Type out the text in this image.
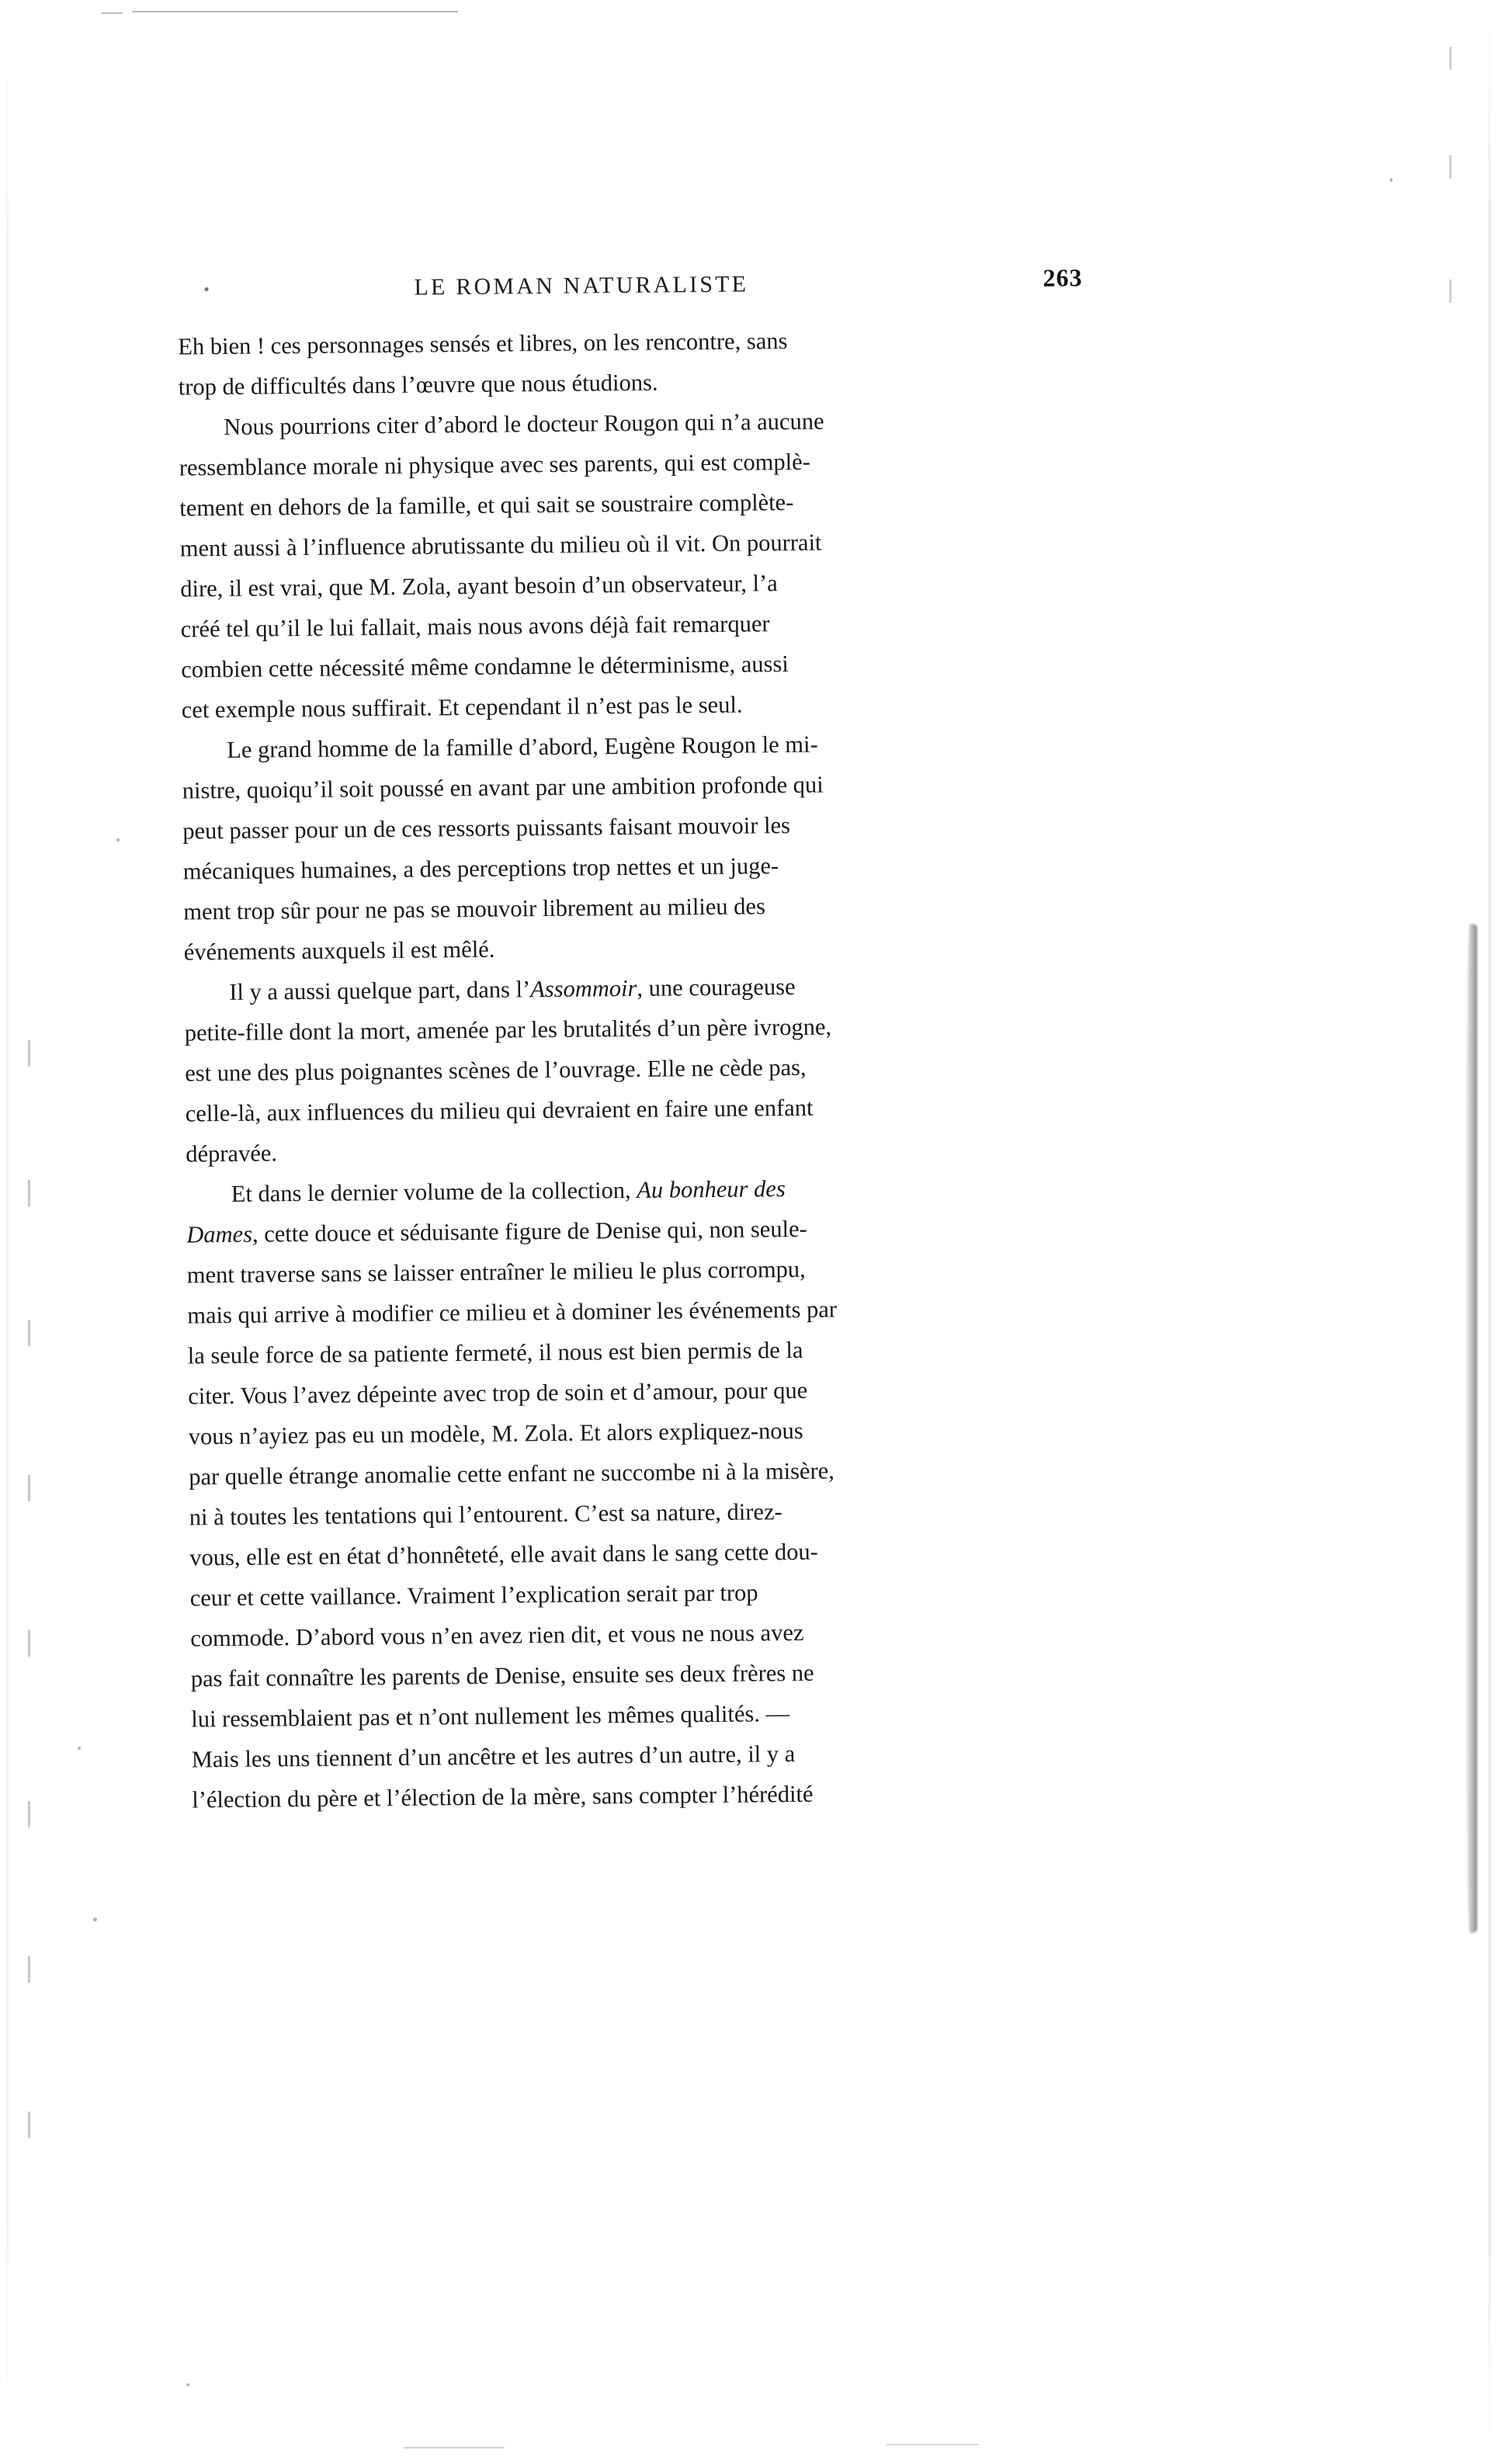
LE ROMAN NATURALISTE	263
Eh bien ! ces personnages sensés et libres, on les rencontre, sans
trop de difficultés dans l’œuvre que nous étudions.
Nous pourrions citer d’abord le docteur Rougon qui n’a aucune
ressemblance morale ni physique avec ses parents, qui est complè-
tement en dehors de la famille, et qui sait se soustraire complète-
ment aussi à l’influence abrutissante du milieu où il vit. On pourrait
dire, il est vrai, que M. Zola, ayant besoin d’un observateur, l’a
créé tel qu’il le lui fallait, mais nous avons déjà fait remarquer
combien cette nécessité même condamne le déterminisme, aussi
cet exemple nous suffirait. Et cependant il n’est pas le seul.
Le grand homme de la famille d’abord, Eugène Rougon le mi-
nistre, quoiqu’il soit poussé en avant par une ambition profonde qui
peut passer pour un de ces ressorts puissants faisant mouvoir les
mécaniques humaines, a des perceptions trop nettes et un juge-
ment trop sûr pour ne pas se mouvoir librement au milieu des
événements auxquels il est mêlé.
Il y a aussi quelque part, dans l’Assommoir, une courageuse
petite-fille dont la mort, amenée par les brutalités d’un père ivrogne,
est une des plus poignantes scènes de l’ouvrage. Elle ne cède pas,
celle-là, aux influences du milieu qui devraient en faire une enfant
dépravée.
Et dans le dernier volume de la collection, Au bonheur des
Dames, cette douce et séduisante figure de Denise qui, non seule-
ment traverse sans se laisser entraîner le milieu le plus corrompu,
mais qui arrive à modifier ce milieu et à dominer les événements par
la seule force de sa patiente fermeté, il nous est bien permis de la
citer. Vous l’avez dépeinte avec trop de soin et d’amour, pour que
vous n’ayiez pas eu un modèle, M. Zola. Et alors expliquez-nous
par quelle étrange anomalie cette enfant ne succombe ni à la misère,
ni à toutes les tentations qui l’entourent. C’est sa nature, direz-
vous, elle est en état d’honnêteté, elle avait dans le sang cette dou-
ceur et cette vaillance. Vraiment l’explication serait par trop
commode. D’abord vous n’en avez rien dit, et vous ne nous avez
pas fait connaître les parents de Denise, ensuite ses deux frères ne
lui ressemblaient pas et n’ont nullement les mêmes qualités. —
Mais les uns tiennent d’un ancêtre et les autres d’un autre, il y a
l’élection du père et l’élection de la mère, sans compter l’hérédité
